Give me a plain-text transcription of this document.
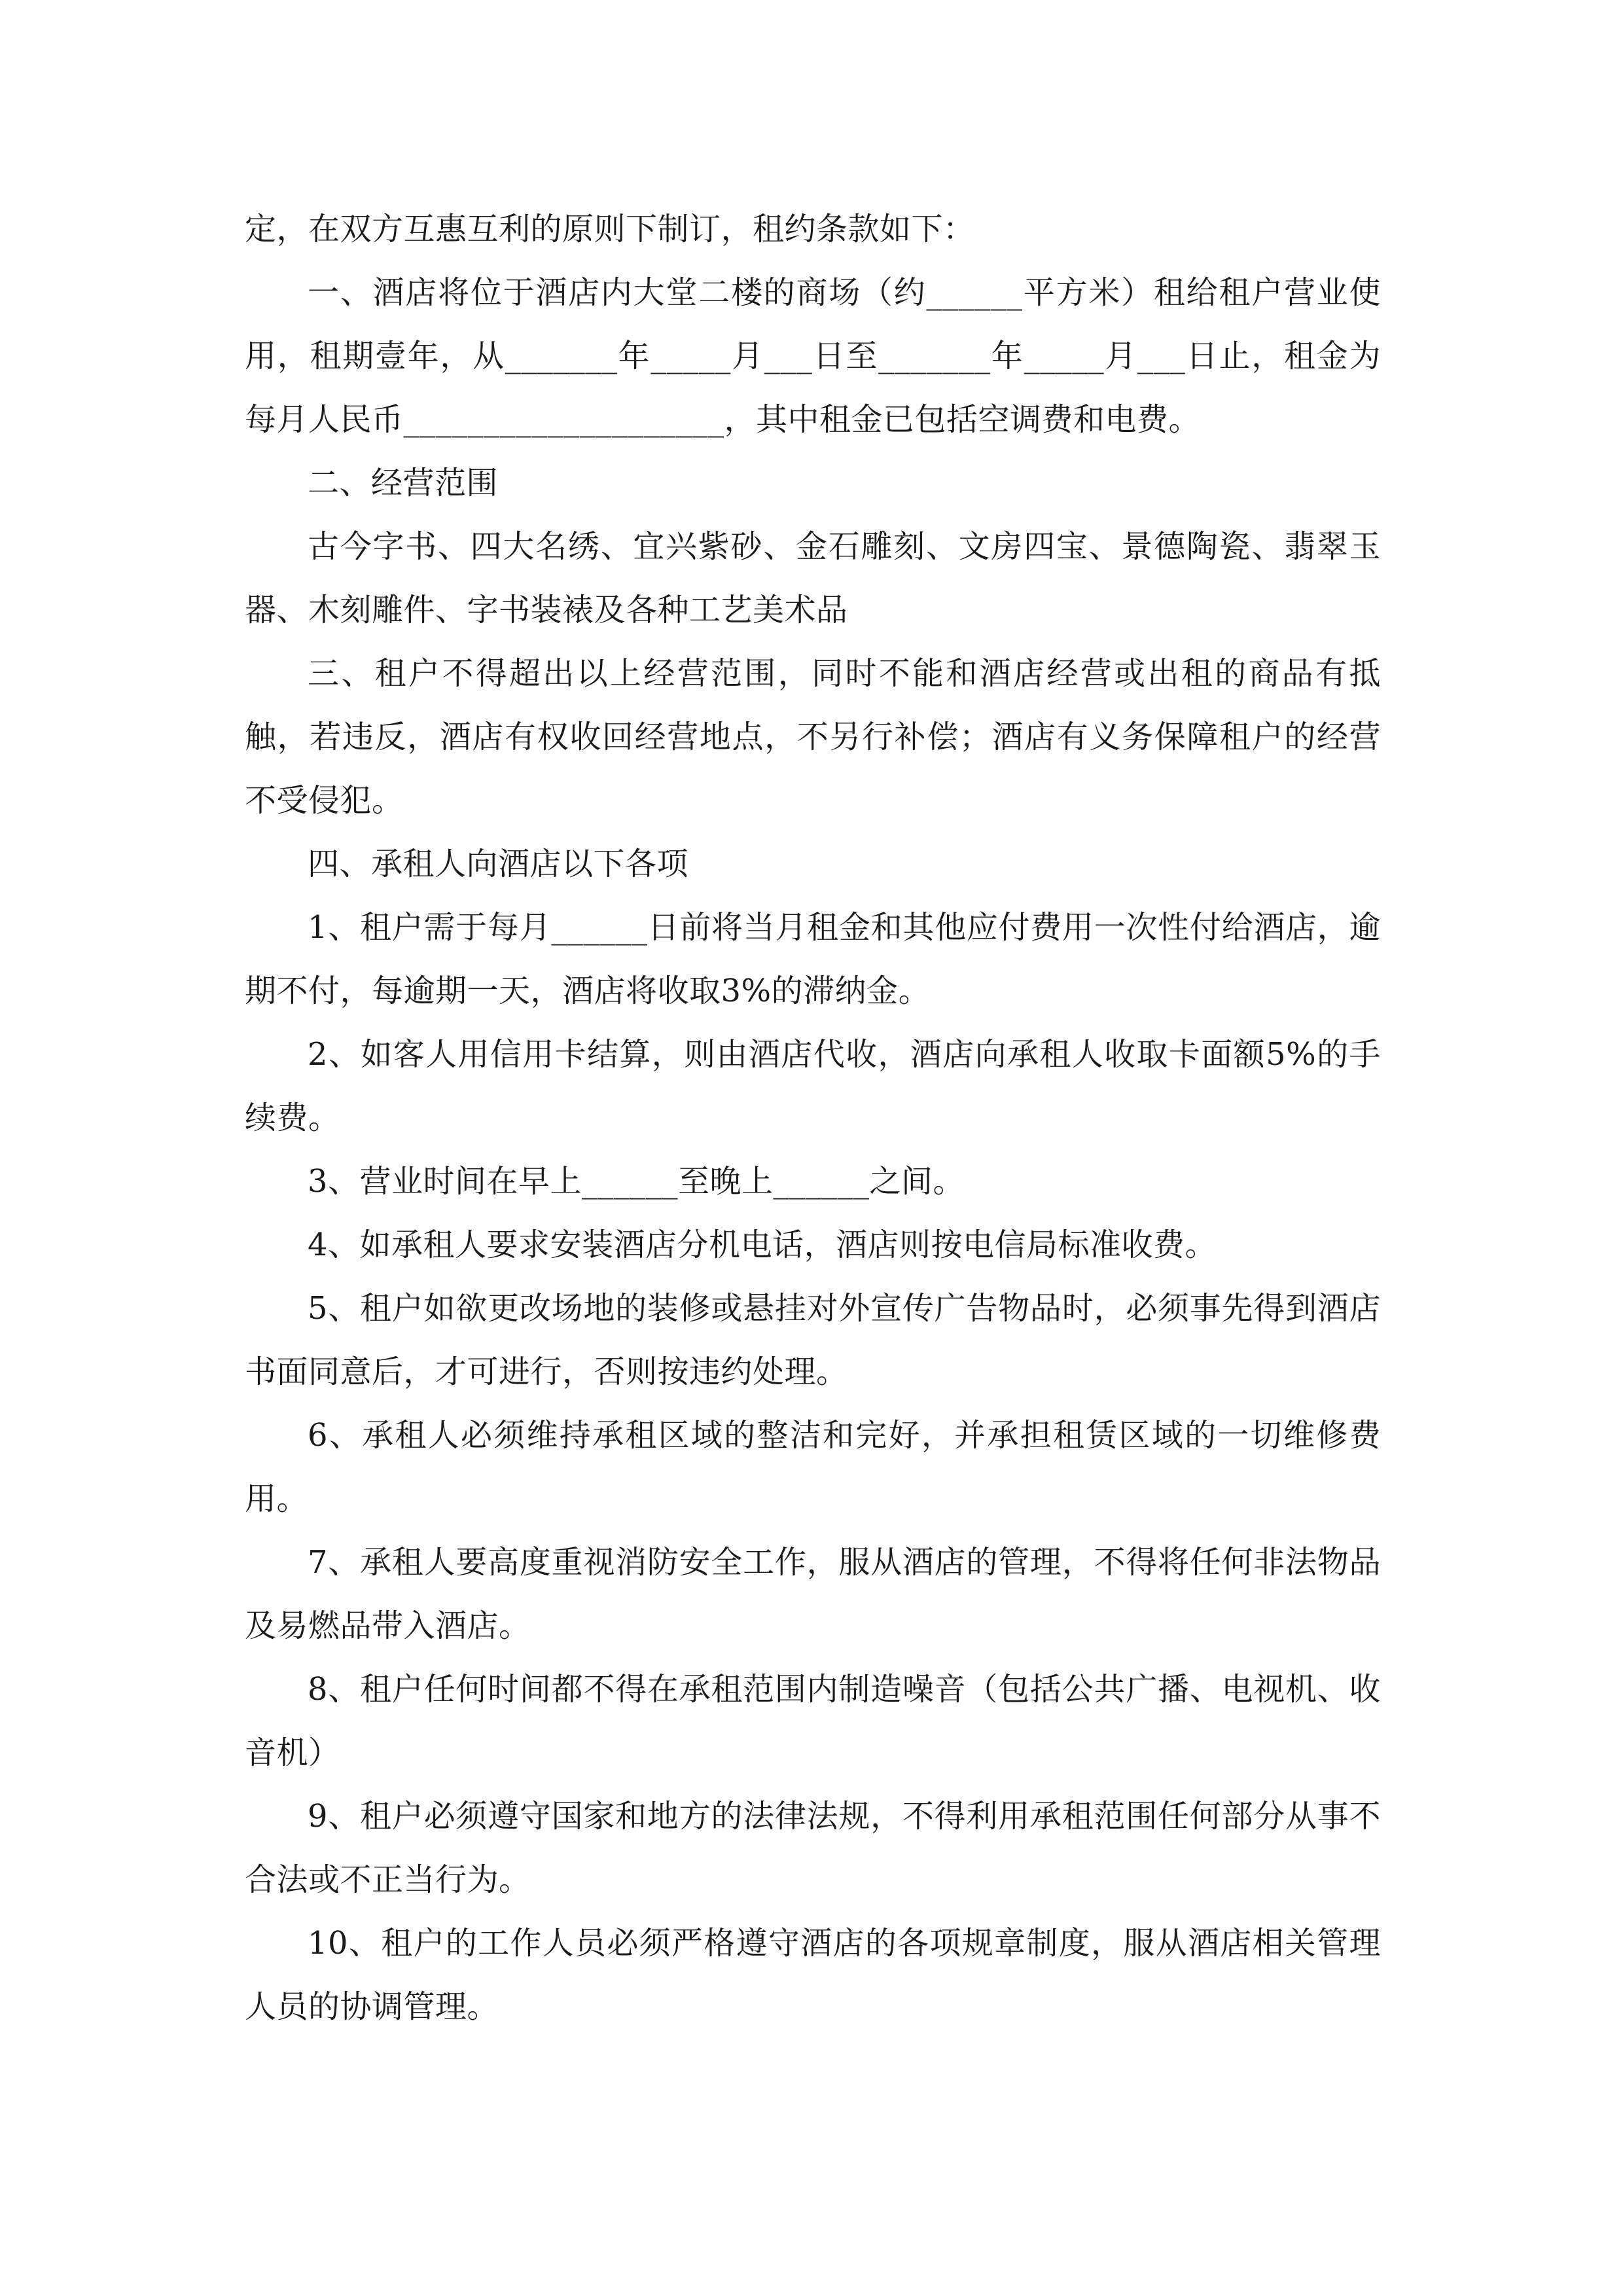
定，在双方互惠互利的原则下制订，租约条款如下：

一、酒店将位于酒店内大堂二楼的商场（约______平方米）租给租户营业使用，租期壹年，从_______年_____月___日至_______年_____月___日止，租金为每月人民币____________________，其中租金已包括空调费和电费。

二、经营范围

古今字书、四大名绣、宜兴紫砂、金石雕刻、文房四宝、景德陶瓷、翡翠玉器、木刻雕件、字书装裱及各种工艺美术品

三、租户不得超出以上经营范围，同时不能和酒店经营或出租的商品有抵触，若违反，酒店有权收回经营地点，不另行补偿；酒店有义务保障租户的经营不受侵犯。

四、承租人向酒店以下各项

1、租户需于每月______日前将当月租金和其他应付费用一次性付给酒店，逾期不付，每逾期一天，酒店将收取3%的滞纳金。

2、如客人用信用卡结算，则由酒店代收，酒店向承租人收取卡面额5%的手续费。

3、营业时间在早上______至晚上______之间。

4、如承租人要求安装酒店分机电话，酒店则按电信局标准收费。

5、租户如欲更改场地的装修或悬挂对外宣传广告物品时，必须事先得到酒店书面同意后，才可进行，否则按违约处理。

6、承租人必须维持承租区域的整洁和完好，并承担租赁区域的一切维修费用。

7、承租人要高度重视消防安全工作，服从酒店的管理，不得将任何非法物品及易燃品带入酒店。

8、租户任何时间都不得在承租范围内制造噪音（包括公共广播、电视机、收音机）

9、租户必须遵守国家和地方的法律法规，不得利用承租范围任何部分从事不合法或不正当行为。

10、租户的工作人员必须严格遵守酒店的各项规章制度，服从酒店相关管理人员的协调管理。
